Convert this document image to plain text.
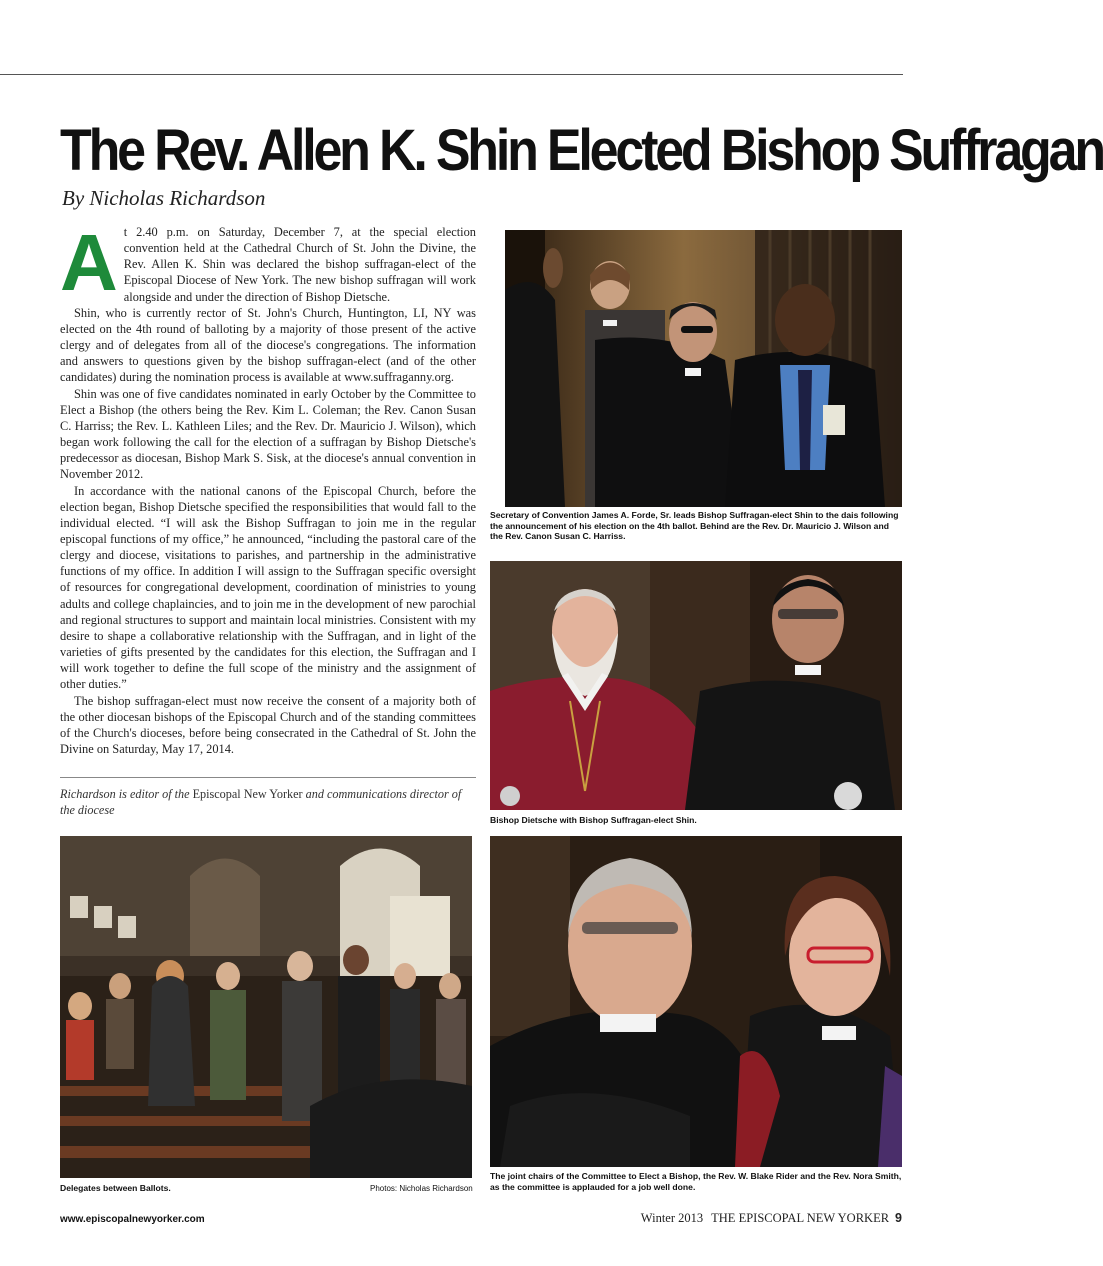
The Rev. Allen K. Shin Elected Bishop Suffragan
By Nicholas Richardson

At 2.40 p.m. on Saturday, December 7, at the special election convention held at the Cathedral Church of St. John the Divine, the Rev. Allen K. Shin was declared the bishop suffragan-elect of the Episcopal Diocese of New York. The new bishop suffragan will work alongside and under the direction of Bishop Dietsche.

Shin, who is currently rector of St. John's Church, Huntington, LI, NY was elected on the 4th round of balloting by a majority of those present of the active clergy and of delegates from all of the diocese's congregations. The information and answers to questions given by the bishop suffragan-elect (and of the other candidates) during the nomination process is available at www.suffraganny.org.

Shin was one of five candidates nominated in early October by the Committee to Elect a Bishop (the others being the Rev. Kim L. Coleman; the Rev. Canon Susan C. Harriss; the Rev. L. Kathleen Liles; and the Rev. Dr. Mauricio J. Wilson), which began work following the call for the election of a suffragan by Bishop Dietsche's predecessor as diocesan, Bishop Mark S. Sisk, at the diocese's annual convention in November 2012.

In accordance with the national canons of the Episcopal Church, before the election began, Bishop Dietsche specified the responsibilities that would fall to the individual elected. “I will ask the Bishop Suffragan to join me in the regular episcopal functions of my office,” he announced, “including the pastoral care of the clergy and diocese, visitations to parishes, and partnership in the administrative functions of my office. In addition I will assign to the Suffragan specific oversight of resources for congregational development, coordination of ministries to young adults and college chaplaincies, and to join me in the development of new parochial and regional structures to support and maintain local ministries. Consistent with my desire to shape a collaborative relationship with the Suffragan, and in light of the varieties of gifts presented by the candidates for this election, the Suffragan and I will work together to define the full scope of the ministry and the assignment of other duties.”

The bishop suffragan-elect must now receive the consent of a majority both of the other diocesan bishops of the Episcopal Church and of the standing committees of the Church's dioceses, before being consecrated in the Cathedral of St. John the Divine on Saturday, May 17, 2014.

Richardson is editor of the Episcopal New Yorker and communications director of the diocese
Secretary of Convention James A. Forde, Sr. leads Bishop Suffragan-elect Shin to the dais following the announcement of his election on the 4th ballot. Behind are the Rev. Dr. Mauricio J. Wilson and the Rev. Canon Susan C. Harriss.
Bishop Dietsche with Bishop Suffragan-elect Shin.
Delegates between Ballots.	Photos: Nicholas Richardson
The joint chairs of the Committee to Elect a Bishop, the Rev. W. Blake Rider and the Rev. Nora Smith, as the committee is applauded for a job well done.
www.episcopalnewyorker.com	Winter 2013 THE EPISCOPAL NEW YORKER 9
